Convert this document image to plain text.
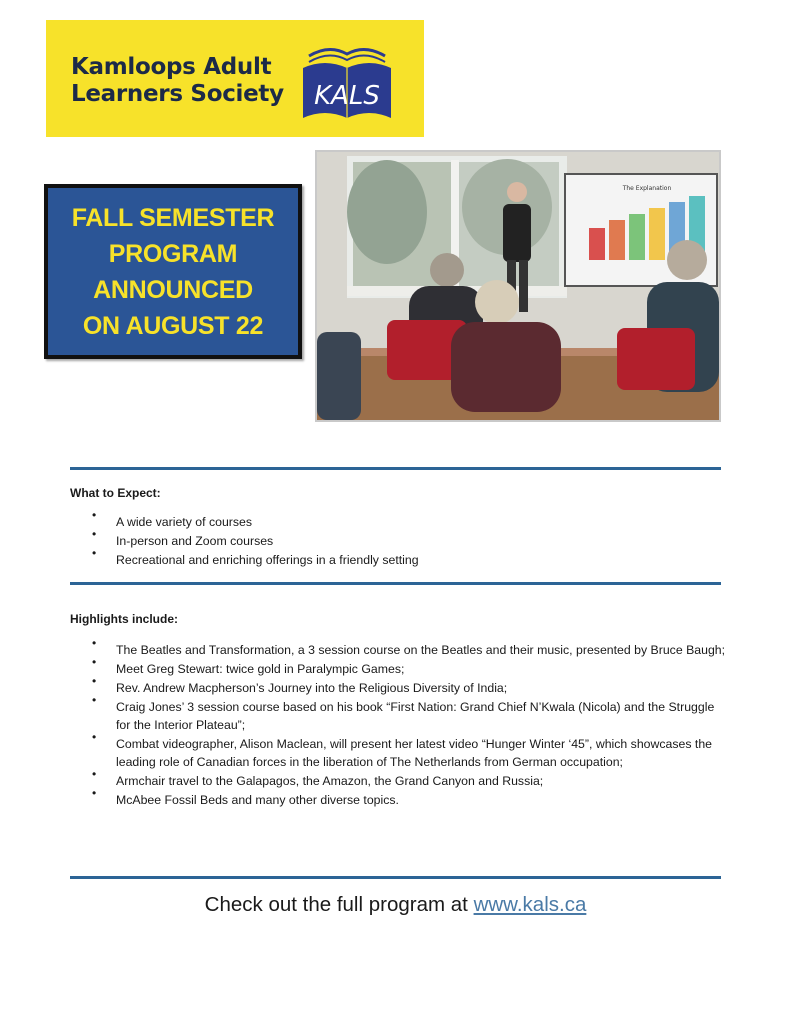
Kamloops Adult
Learners Society KALS
FALL SEMESTER
PROGRAM
ANNOUNCED
ON AUGUST 22
The Explanation
What to Expect:
• A wide variety of courses
• In-person and Zoom courses
• Recreational and enriching offerings in a friendly setting
Highlights include:
• The Beatles and Transformation, a 3 session course on the Beatles and their music, presented by Bruce Baugh;
• Meet Greg Stewart: twice gold in Paralympic Games;
• Rev. Andrew Macpherson’s Journey into the Religious Diversity of India;
• Craig Jones’ 3 session course based on his book “First Nation: Grand Chief N’Kwala (Nicola) and the Struggle for the Interior Plateau”;
• Combat videographer, Alison Maclean, will present her latest video “Hunger Winter ‘45”, which showcases the leading role of Canadian forces in the liberation of The Netherlands from German occupation;
• Armchair travel to the Galapagos, the Amazon, the Grand Canyon and Russia;
• McAbee Fossil Beds and many other diverse topics.
Check out the full program at www.kals.ca
